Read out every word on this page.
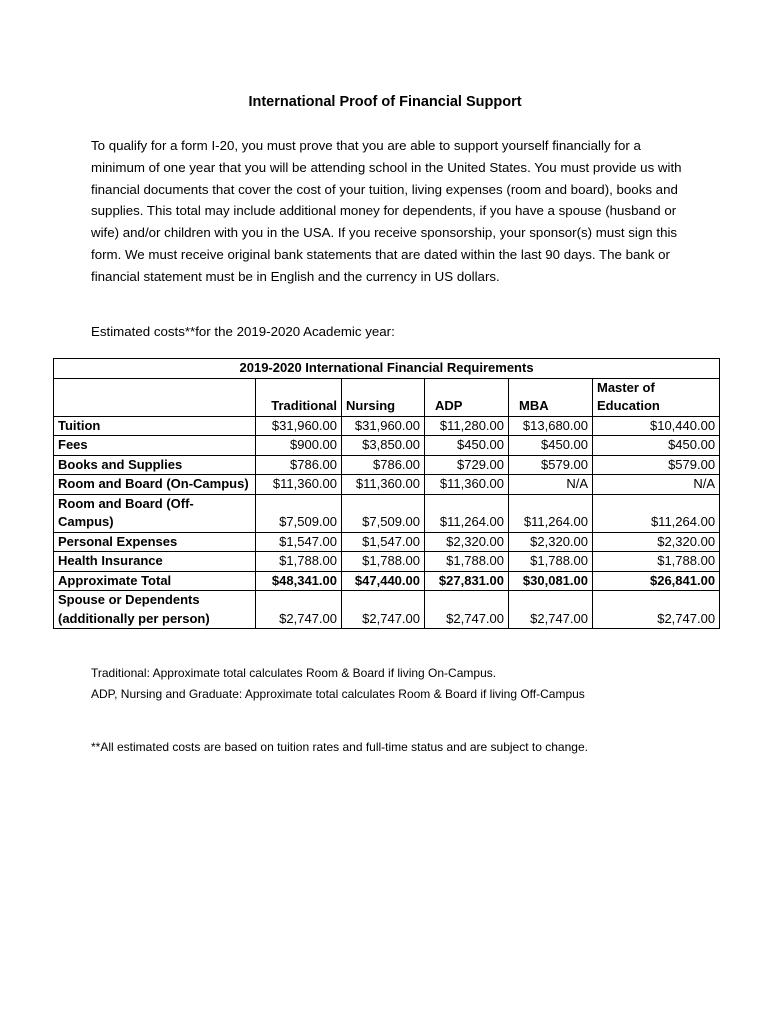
International Proof of Financial Support

To qualify for a form I-20, you must prove that you are able to support yourself financially for a minimum of one year that you will be attending school in the United States. You must provide us with financial documents that cover the cost of your tuition, living expenses (room and board), books and supplies. This total may include additional money for dependents, if you have a spouse (husband or wife) and/or children with you in the USA. If you receive sponsorship, your sponsor(s) must sign this form. We must receive original bank statements that are dated within the last 90 days. The bank or financial statement must be in English and the currency in US dollars.

Estimated costs**for the 2019-2020 Academic year:

2019-2020 International Financial Requirements					
	Traditional	Nursing	ADP	MBA	Master of Education
Tuition	$31,960.00	$31,960.00	$11,280.00	$13,680.00	$10,440.00
Fees	$900.00	$3,850.00	$450.00	$450.00	$450.00
Books and Supplies	$786.00	$786.00	$729.00	$579.00	$579.00
Room and Board (On-Campus)	$11,360.00	$11,360.00	$11,360.00	N/A	N/A
Room and Board (Off-Campus)	$7,509.00	$7,509.00	$11,264.00	$11,264.00	$11,264.00
Personal Expenses	$1,547.00	$1,547.00	$2,320.00	$2,320.00	$2,320.00
Health Insurance	$1,788.00	$1,788.00	$1,788.00	$1,788.00	$1,788.00
Approximate Total	$48,341.00	$47,440.00	$27,831.00	$30,081.00	$26,841.00
Spouse or Dependents (additionally per person)	$2,747.00	$2,747.00	$2,747.00	$2,747.00	$2,747.00

Traditional: Approximate total calculates Room & Board if living On-Campus.

ADP, Nursing and Graduate: Approximate total calculates Room & Board if living Off-Campus

**All estimated costs are based on tuition rates and full-time status and are subject to change.
